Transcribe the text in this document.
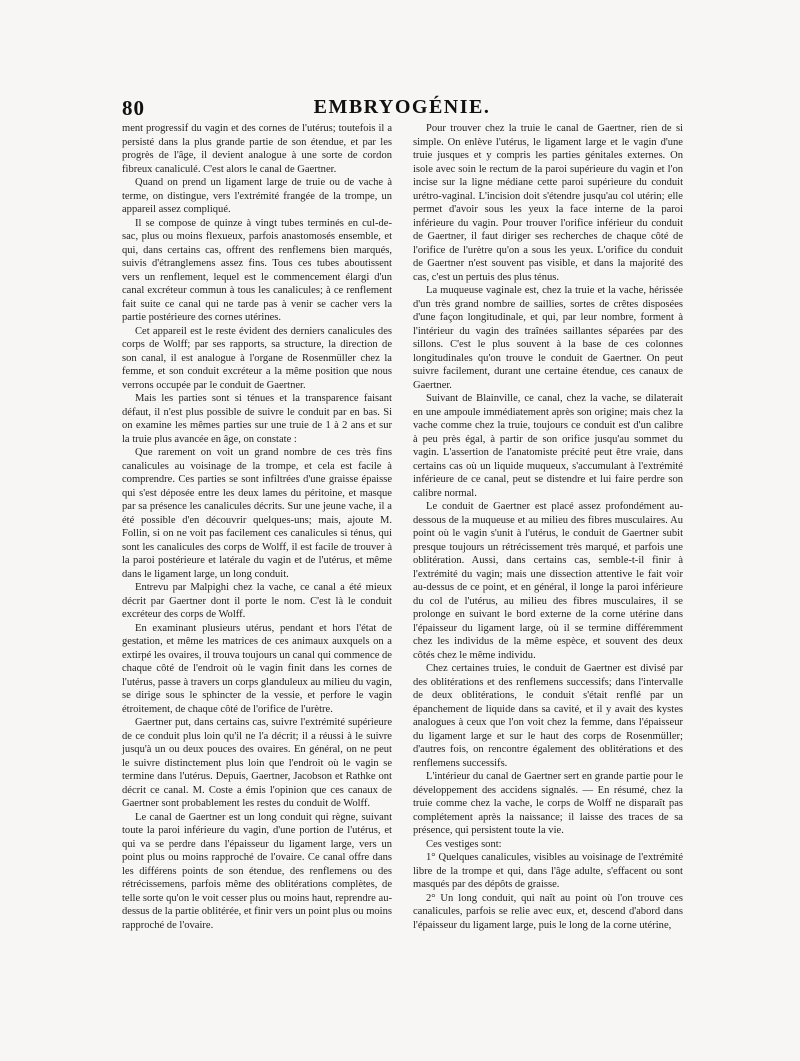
80	EMBRYOGÉNIE.

ment progressif du vagin et des cornes de l'utérus; toutefois il a persisté dans la plus grande partie de son étendue, et par les progrès de l'âge, il devient analogue à une sorte de cordon fibreux canaliculé. C'est alors le canal de Gaertner.

Quand on prend un ligament large de truie ou de vache à terme, on distingue, vers l'extrémité frangée de la trompe, un appareil assez compliqué.

Il se compose de quinze à vingt tubes terminés en cul-de-sac, plus ou moins flexueux, parfois anastomosés ensemble, et qui, dans certains cas, offrent des renflemens bien marqués, suivis d'étranglemens assez fins. Tous ces tubes aboutissent vers un renflement, lequel est le commencement élargi d'un canal excréteur commun à tous les canalicules; à ce renflement fait suite ce canal qui ne tarde pas à venir se cacher vers la partie postérieure des cornes utérines.

Cet appareil est le reste évident des derniers canalicules des corps de Wolff; par ses rapports, sa structure, la direction de son canal, il est analogue à l'organe de Rosenmüller chez la femme, et son conduit excréteur a la même position que nous verrons occupée par le conduit de Gaertner.

Mais les parties sont si ténues et la transparence faisant défaut, il n'est plus possible de suivre le conduit par en bas. Si on examine les mêmes parties sur une truie de 1 à 2 ans et sur la truie plus avancée en âge, on constate :

Que rarement on voit un grand nombre de ces très fins canalicules au voisinage de la trompe, et cela est facile à comprendre. Ces parties se sont infiltrées d'une graisse épaisse qui s'est déposée entre les deux lames du péritoine, et masque par sa présence les canalicules décrits. Sur une jeune vache, il a été possible d'en découvrir quelques-uns; mais, ajoute M. Follin, si on ne voit pas facilement ces canalicules si ténus, qui sont les canalicules des corps de Wolff, il est facile de trouver à la paroi postérieure et latérale du vagin et de l'utérus, et même dans le ligament large, un long conduit.

Entrevu par Malpighi chez la vache, ce canal a été mieux décrit par Gaertner dont il porte le nom. C'est là le conduit excréteur des corps de Wolff.

En examinant plusieurs utérus, pendant et hors l'état de gestation, et même les matrices de ces animaux auxquels on a extirpé les ovaires, il trouva toujours un canal qui commence de chaque côté de l'endroit où le vagin finit dans les cornes de l'utérus, passe à travers un corps glanduleux au milieu du vagin, se dirige sous le sphincter de la vessie, et perfore le vagin étroitement, de chaque côté de l'orifice de l'urètre.

Gaertner put, dans certains cas, suivre l'extrémité supérieure de ce conduit plus loin qu'il ne l'a décrit; il a réussi à le suivre jusqu'à un ou deux pouces des ovaires. En général, on ne peut le suivre distinctement plus loin que l'endroit où le vagin se termine dans l'utérus. Depuis, Gaertner, Jacobson et Rathke ont décrit ce canal. M. Coste a émis l'opinion que ces canaux de Gaertner sont probablement les restes du conduit de Wolff.

Le canal de Gaertner est un long conduit qui règne, suivant toute la paroi inférieure du vagin, d'une portion de l'utérus, et qui va se perdre dans l'épaisseur du ligament large, vers un point plus ou moins rapproché de l'ovaire. Ce canal offre dans les différens points de son étendue, des renflemens ou des rétrécissemens, parfois même des oblitérations complètes, de telle sorte qu'on le voit cesser plus ou moins haut, reprendre au-dessus de la partie oblitérée, et finir vers un point plus ou moins rapproché de l'ovaire.

Pour trouver chez la truie le canal de Gaertner, rien de si simple. On enlève l'utérus, le ligament large et le vagin d'une truie jusques et y compris les parties génitales externes. On isole avec soin le rectum de la paroi supérieure du vagin et l'on incise sur la ligne médiane cette paroi supérieure du conduit urétro-vaginal. L'incision doit s'étendre jusqu'au col utérin; elle permet d'avoir sous les yeux la face interne de la paroi inférieure du vagin. Pour trouver l'orifice inférieur du conduit de Gaertner, il faut diriger ses recherches de chaque côté de l'orifice de l'urètre qu'on a sous les yeux. L'orifice du conduit de Gaertner n'est souvent pas visible, et dans la majorité des cas, c'est un pertuis des plus ténus.

La muqueuse vaginale est, chez la truie et la vache, hérissée d'un très grand nombre de saillies, sortes de crêtes disposées d'une façon longitudinale, et qui, par leur nombre, forment à l'intérieur du vagin des traînées saillantes séparées par des sillons. C'est le plus souvent à la base de ces colonnes longitudinales qu'on trouve le conduit de Gaertner. On peut suivre facilement, durant une certaine étendue, ces canaux de Gaertner.

Suivant de Blainville, ce canal, chez la vache, se dilaterait en une ampoule immédiatement après son origine; mais chez la vache comme chez la truie, toujours ce conduit est d'un calibre à peu près égal, à partir de son orifice jusqu'au sommet du vagin. L'assertion de l'anatomiste précité peut être vraie, dans certains cas où un liquide muqueux, s'accumulant à l'extrémité inférieure de ce canal, peut se distendre et lui faire perdre son calibre normal.

Le conduit de Gaertner est placé assez profondément au-dessous de la muqueuse et au milieu des fibres musculaires. Au point où le vagin s'unit à l'utérus, le conduit de Gaertner subit presque toujours un rétrécissement très marqué, et parfois une oblitération. Aussi, dans certains cas, semble-t-il finir à l'extrémité du vagin; mais une dissection attentive le fait voir au-dessus de ce point, et en général, il longe la paroi inférieure du col de l'utérus, au milieu des fibres musculaires, il se prolonge en suivant le bord externe de la corne utérine dans l'épaisseur du ligament large, où il se termine différemment chez les individus de la même espèce, et souvent des deux côtés chez le même individu.

Chez certaines truies, le conduit de Gaertner est divisé par des oblitérations et des renflemens successifs; dans l'intervalle de deux oblitérations, le conduit s'était renflé par un épanchement de liquide dans sa cavité, et il y avait des kystes analogues à ceux que l'on voit chez la femme, dans l'épaisseur du ligament large et sur le haut des corps de Rosenmüller; d'autres fois, on rencontre également des oblitérations et des renflemens successifs.

L'intérieur du canal de Gaertner sert en grande partie pour le développement des accidens signalés. — En résumé, chez la truie comme chez la vache, le corps de Wolff ne disparaît pas complétement après la naissance; il laisse des traces de sa présence, qui persistent toute la vie.

Ces vestiges sont:

1° Quelques canalicules, visibles au voisinage de l'extrémité libre de la trompe et qui, dans l'âge adulte, s'effacent ou sont masqués par des dépôts de graisse.

2° Un long conduit, qui naît au point où l'on trouve ces canalicules, parfois se relie avec eux, et, descend d'abord dans l'épaisseur du ligament large, puis le long de la corne utérine,
